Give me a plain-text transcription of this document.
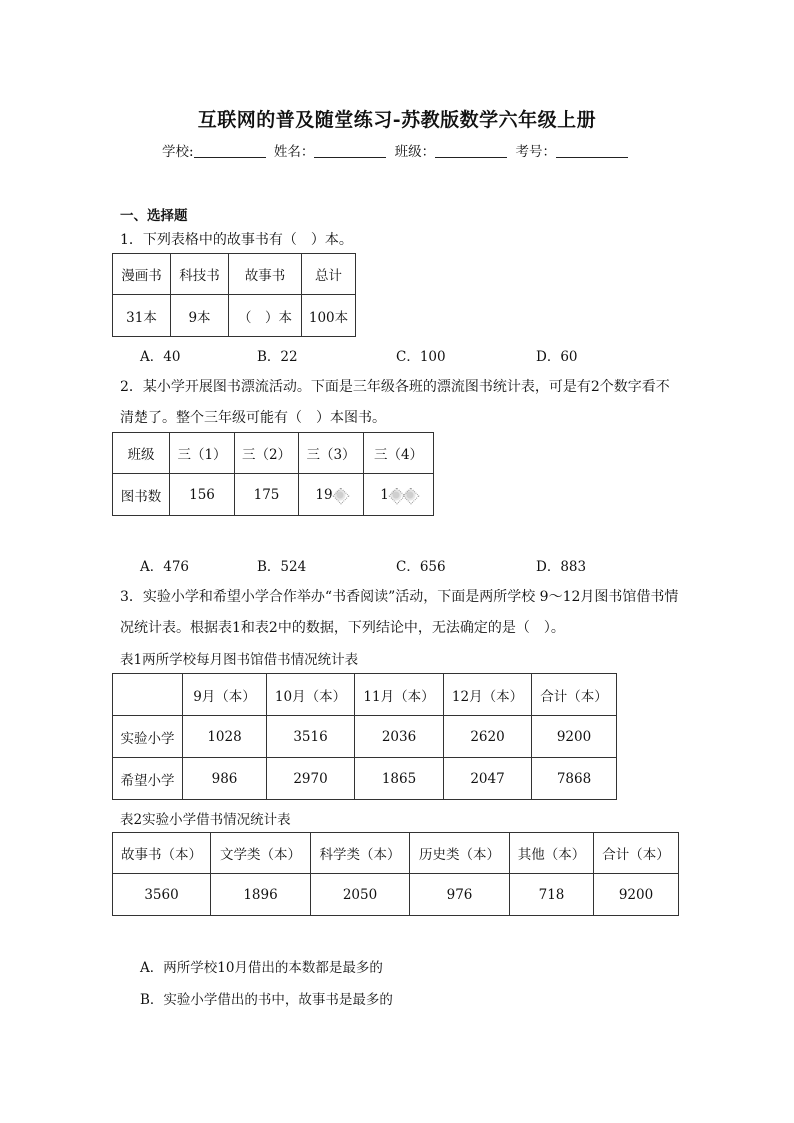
互联网的普及随堂练习-苏教版数学六年级上册
学校:	姓名：	班级：	考号：
一、选择题
1．下列表格中的故事书有（　）本。
漫画书	科技书	故事书	总计
31本	9本	（　）本	100本
A．40	B．22	C．100	D．60
2．某小学开展图书漂流活动。下面是三年级各班的漂流图书统计表，可是有2个数字看不
清楚了。整个三年级可能有（　）本图书。
班级	三（1）	三（2）	三（3）	三（4）
图书数	156	175	19	1
A．476	B．524	C．656	D．883
3．实验小学和希望小学合作举办“书香阅读”活动，下面是两所学校 9～12月图书馆借书情
况统计表。根据表1和表2中的数据，下列结论中，无法确定的是（　）。
表1两所学校每月图书馆借书情况统计表
	9月（本）	10月（本）	11月（本）	12月（本）	合计（本）
实验小学	1028	3516	2036	2620	9200
希望小学	986	2970	1865	2047	7868
表2实验小学借书情况统计表
故事书（本）	文学类（本）	科学类（本）	历史类（本）	其他（本）	合计（本）
3560	1896	2050	976	718	9200
A．两所学校10月借出的本数都是最多的
B．实验小学借出的书中，故事书是最多的
